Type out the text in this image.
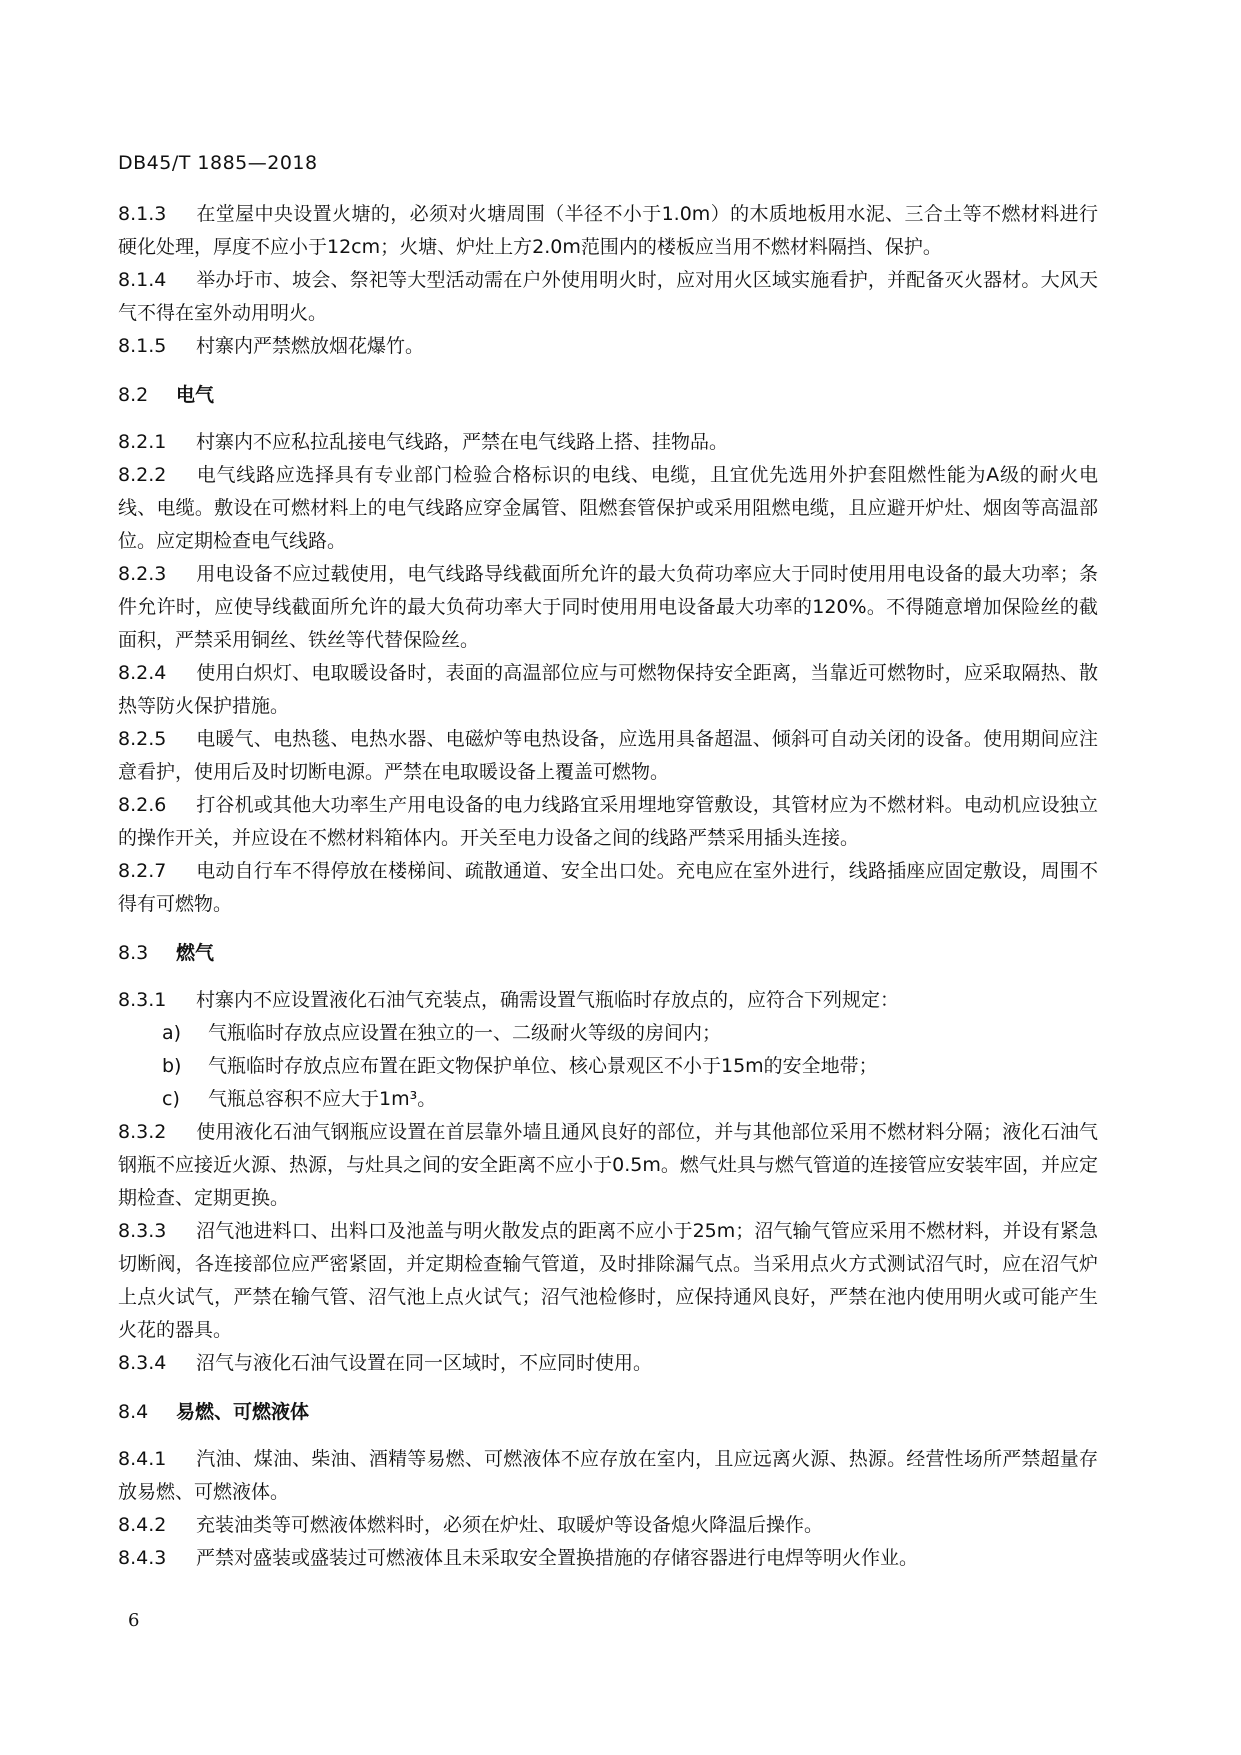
DB45/T 1885—2018

8.1.3 在堂屋中央设置火塘的，必须对火塘周围（半径不小于1.0m）的木质地板用水泥、三合土等不燃材料进行硬化处理，厚度不应小于12cm；火塘、炉灶上方2.0m范围内的楼板应当用不燃材料隔挡、保护。

8.1.4 举办圩市、坡会、祭祀等大型活动需在户外使用明火时，应对用火区域实施看护，并配备灭火器材。大风天气不得在室外动用明火。

8.1.5 村寨内严禁燃放烟花爆竹。

8.2 电气

8.2.1 村寨内不应私拉乱接电气线路，严禁在电气线路上搭、挂物品。

8.2.2 电气线路应选择具有专业部门检验合格标识的电线、电缆，且宜优先选用外护套阻燃性能为A级的耐火电线、电缆。敷设在可燃材料上的电气线路应穿金属管、阻燃套管保护或采用阻燃电缆，且应避开炉灶、烟囱等高温部位。应定期检查电气线路。

8.2.3 用电设备不应过载使用，电气线路导线截面所允许的最大负荷功率应大于同时使用用电设备的最大功率；条件允许时，应使导线截面所允许的最大负荷功率大于同时使用用电设备最大功率的120%。不得随意增加保险丝的截面积，严禁采用铜丝、铁丝等代替保险丝。

8.2.4 使用白炽灯、电取暖设备时，表面的高温部位应与可燃物保持安全距离，当靠近可燃物时，应采取隔热、散热等防火保护措施。

8.2.5 电暖气、电热毯、电热水器、电磁炉等电热设备，应选用具备超温、倾斜可自动关闭的设备。使用期间应注意看护，使用后及时切断电源。严禁在电取暖设备上覆盖可燃物。

8.2.6 打谷机或其他大功率生产用电设备的电力线路宜采用埋地穿管敷设，其管材应为不燃材料。电动机应设独立的操作开关，并应设在不燃材料箱体内。开关至电力设备之间的线路严禁采用插头连接。

8.2.7 电动自行车不得停放在楼梯间、疏散通道、安全出口处。充电应在室外进行，线路插座应固定敷设，周围不得有可燃物。

8.3 燃气

8.3.1 村寨内不应设置液化石油气充装点，确需设置气瓶临时存放点的，应符合下列规定：

a) 气瓶临时存放点应设置在独立的一、二级耐火等级的房间内；

b) 气瓶临时存放点应布置在距文物保护单位、核心景观区不小于15m的安全地带；

c) 气瓶总容积不应大于1m³。

8.3.2 使用液化石油气钢瓶应设置在首层靠外墙且通风良好的部位，并与其他部位采用不燃材料分隔；液化石油气钢瓶不应接近火源、热源，与灶具之间的安全距离不应小于0.5m。燃气灶具与燃气管道的连接管应安装牢固，并应定期检查、定期更换。

8.3.3 沼气池进料口、出料口及池盖与明火散发点的距离不应小于25m；沼气输气管应采用不燃材料，并设有紧急切断阀，各连接部位应严密紧固，并定期检查输气管道，及时排除漏气点。当采用点火方式测试沼气时，应在沼气炉上点火试气，严禁在输气管、沼气池上点火试气；沼气池检修时，应保持通风良好，严禁在池内使用明火或可能产生火花的器具。

8.3.4 沼气与液化石油气设置在同一区域时，不应同时使用。

8.4 易燃、可燃液体

8.4.1 汽油、煤油、柴油、酒精等易燃、可燃液体不应存放在室内，且应远离火源、热源。经营性场所严禁超量存放易燃、可燃液体。

8.4.2 充装油类等可燃液体燃料时，必须在炉灶、取暖炉等设备熄火降温后操作。

8.4.3 严禁对盛装或盛装过可燃液体且未采取安全置换措施的存储容器进行电焊等明火作业。

6
